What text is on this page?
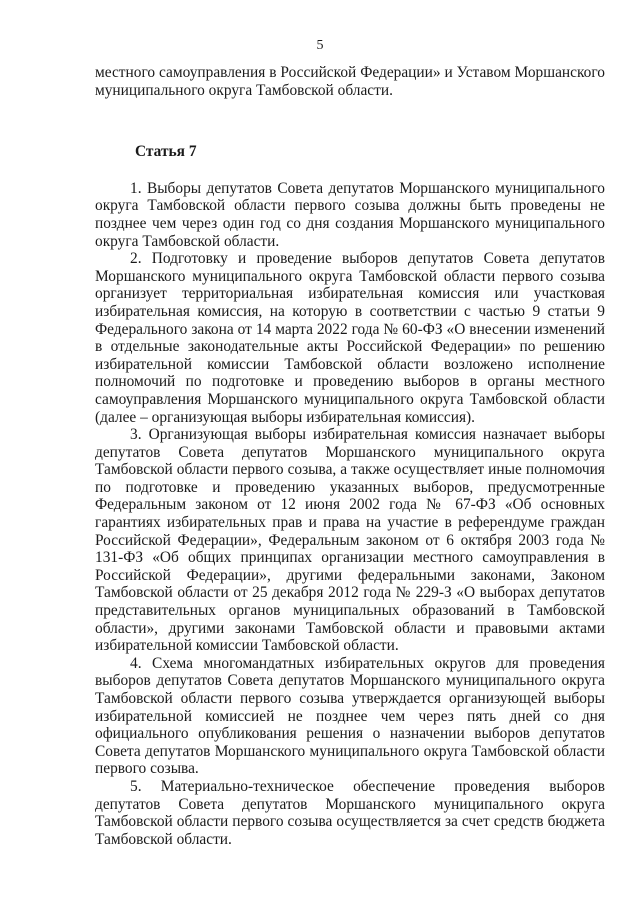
5

местного самоуправления в Российской Федерации» и Уставом Моршанского муниципального округа Тамбовской области.

Статья 7

1. Выборы депутатов Совета депутатов Моршанского муниципального округа Тамбовской области первого созыва должны быть проведены не позднее чем через один год со дня создания Моршанского муниципального округа Тамбовской области.

2. Подготовку и проведение выборов депутатов Совета депутатов Моршанского муниципального округа Тамбовской области первого созыва организует территориальная избирательная комиссия или участковая избирательная комиссия, на которую в соответствии с частью 9 статьи 9 Федерального закона от 14 марта 2022 года № 60-ФЗ «О внесении изменений в отдельные законодательные акты Российской Федерации» по решению избирательной комиссии Тамбовской области возложено исполнение полномочий по подготовке и проведению выборов в органы местного самоуправления Моршанского муниципального округа Тамбовской области (далее – организующая выборы избирательная комиссия).

3. Организующая выборы избирательная комиссия назначает выборы депутатов Совета депутатов Моршанского муниципального округа Тамбовской области первого созыва, а также осуществляет иные полномочия по подготовке и проведению указанных выборов, предусмотренные Федеральным законом от 12 июня 2002 года № 67-ФЗ «Об основных гарантиях избирательных прав и права на участие в референдуме граждан Российской Федерации», Федеральным законом от 6 октября 2003 года № 131-ФЗ «Об общих принципах организации местного самоуправления в Российской Федерации», другими федеральными законами, Законом Тамбовской области от 25 декабря 2012 года № 229-З «О выборах депутатов представительных органов муниципальных образований в Тамбовской области», другими законами Тамбовской области и правовыми актами избирательной комиссии Тамбовской области.

4. Схема многомандатных избирательных округов для проведения выборов депутатов Совета депутатов Моршанского муниципального округа Тамбовской области первого созыва утверждается организующей выборы избирательной комиссией не позднее чем через пять дней со дня официального опубликования решения о назначении выборов депутатов Совета депутатов Моршанского муниципального округа Тамбовской области первого созыва.

5. Материально-техническое обеспечение проведения выборов депутатов Совета депутатов Моршанского муниципального округа Тамбовской области первого созыва осуществляется за счет средств бюджета Тамбовской области.
